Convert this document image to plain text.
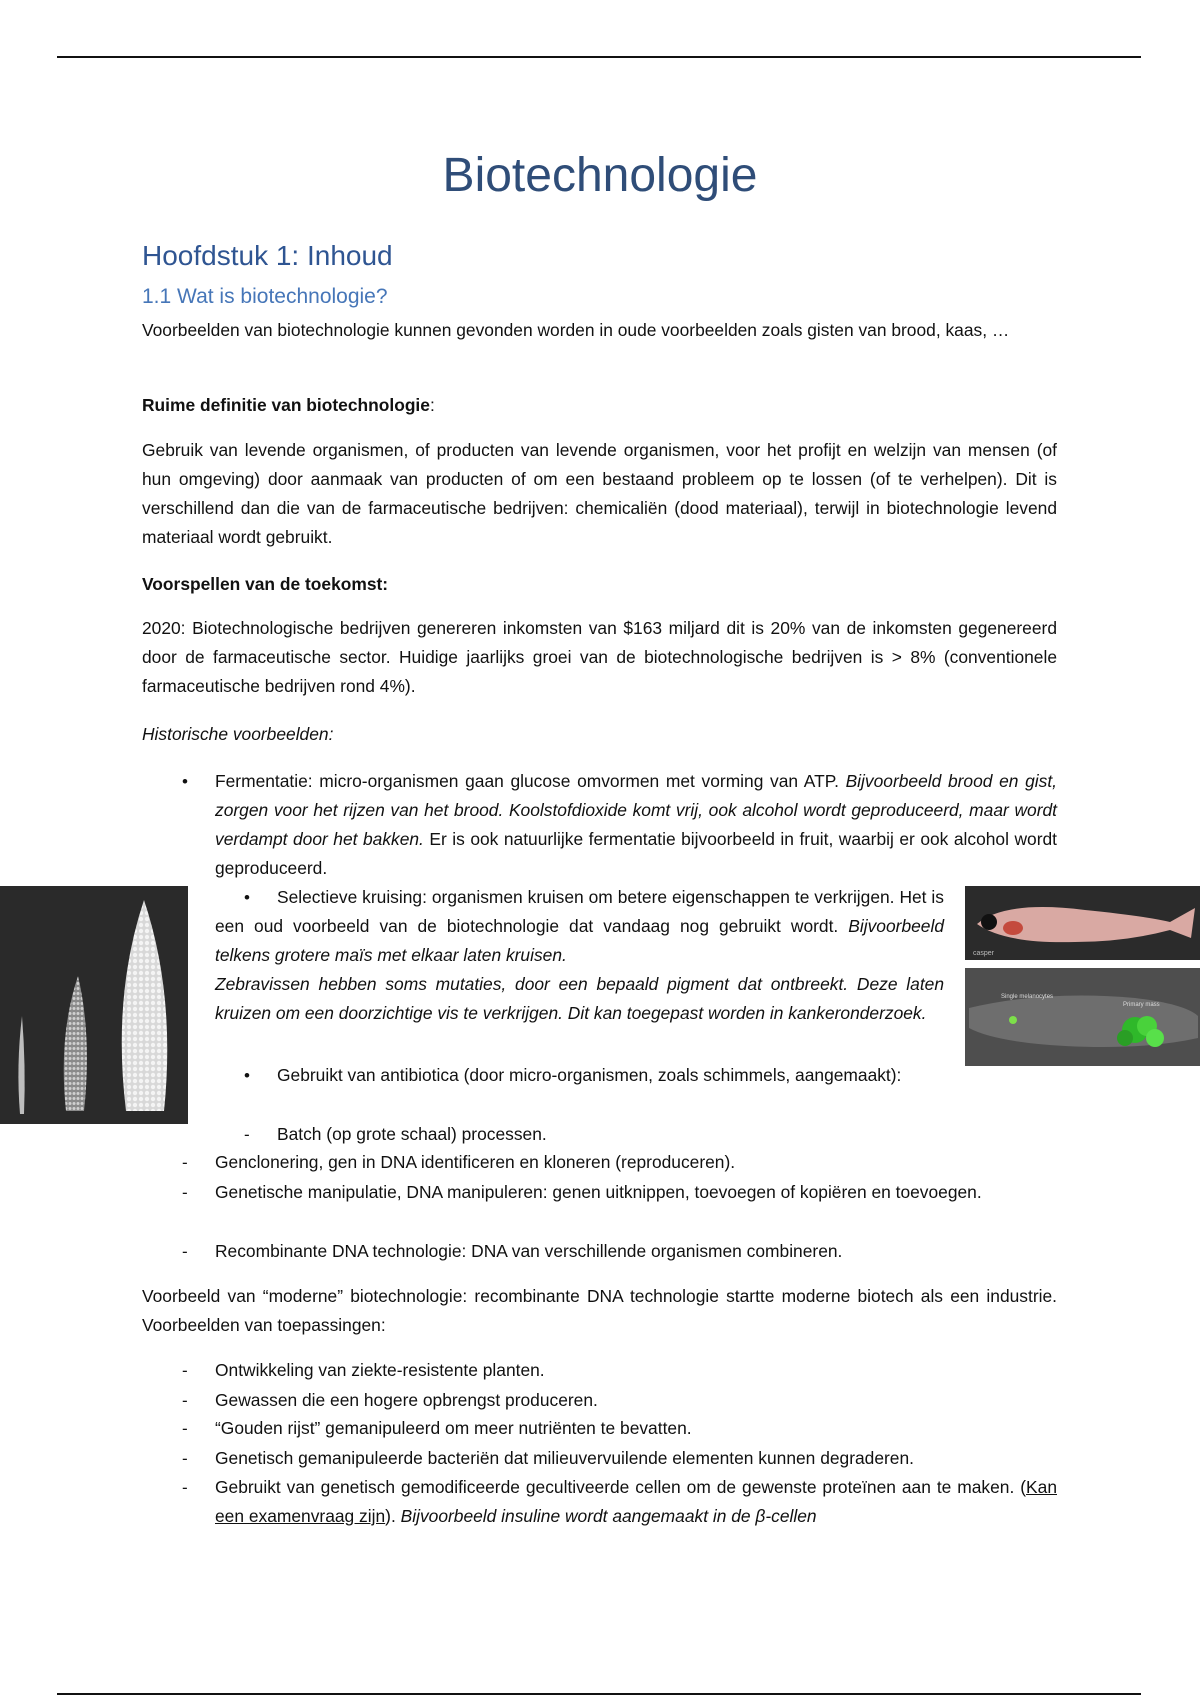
Biotechnologie
Hoofdstuk 1: Inhoud
1.1 Wat is biotechnologie?
Voorbeelden van biotechnologie kunnen gevonden worden in oude voorbeelden zoals gisten van brood, kaas, …
Ruime definitie van biotechnologie:
Gebruik van levende organismen, of producten van levende organismen, voor het profijt en welzijn van mensen (of hun omgeving) door aanmaak van producten of om een bestaand probleem op te lossen (of te verhelpen). Dit is verschillend dan die van de farmaceutische bedrijven: chemicaliën (dood materiaal), terwijl in biotechnologie levend materiaal wordt gebruikt.
Voorspellen van de toekomst:
2020: Biotechnologische bedrijven genereren inkomsten van $163 miljard dit is 20% van de inkomsten gegenereerd door de farmaceutische sector. Huidige jaarlijks groei van de biotechnologische bedrijven is > 8% (conventionele farmaceutische bedrijven rond 4%).
Historische voorbeelden:
• Fermentatie: micro-organismen gaan glucose omvormen met vorming van ATP. Bijvoorbeeld brood en gist, zorgen voor het rijzen van het brood. Koolstofdioxide komt vrij, ook alcohol wordt geproduceerd, maar wordt verdampt door het bakken. Er is ook natuurlijke fermentatie bijvoorbeeld in fruit, waarbij er ook alcohol wordt geproduceerd.
•	Selectieve kruising: organismen kruisen om betere eigenschappen te verkrijgen. Het is een oud voorbeeld van de biotechnologie dat vandaag nog gebruikt wordt. Bijvoorbeeld telkens grotere maïs met elkaar laten kruisen.
Zebravissen hebben soms mutaties, door een bepaald pigment dat ontbreekt. Deze laten kruizen om een doorzichtige vis te verkrijgen. Dit kan toegepast worden in kankeronderzoek.
•	Gebruikt van antibiotica (door micro-organismen, zoals schimmels, aangemaakt):
- Batch (op grote schaal) processen.
- Genclonering, gen in DNA identificeren en kloneren (reproduceren).
- Genetische manipulatie, DNA manipuleren: genen uitknippen, toevoegen of kopiëren en toevoegen.
- Recombinante DNA technologie: DNA van verschillende organismen combineren.
Voorbeeld van “moderne” biotechnologie: recombinante DNA technologie startte moderne biotech als een industrie. Voorbeelden van toepassingen:
- Ontwikkeling van ziekte-resistente planten.
- Gewassen die een hogere opbrengst produceren.
- “Gouden rijst” gemanipuleerd om meer nutriënten te bevatten.
- Genetisch gemanipuleerde bacteriën dat milieuvervuilende elementen kunnen degraderen.
- Gebruikt van genetisch gemodificeerde gecultiveerde cellen om de gewenste proteïnen aan te maken. (Kan een examenvraag zijn). Bijvoorbeeld insuline wordt aangemaakt in de β-cellen
casper
Single melanocytes
Primary mass
